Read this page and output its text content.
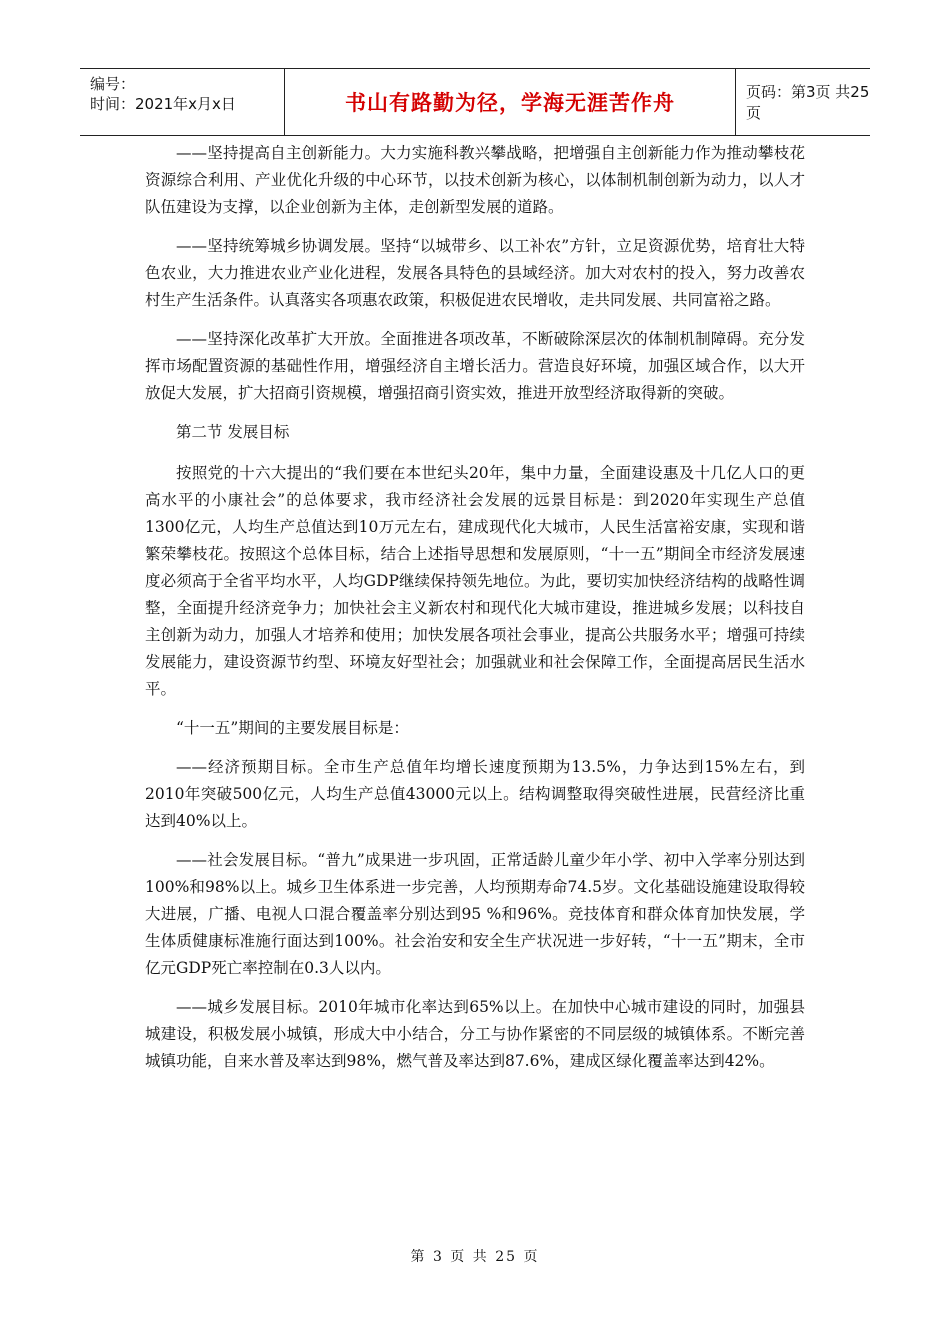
编号：
时间：2021年x月x日	书山有路勤为径，学海无涯苦作舟	页码：第3页 共25页

——坚持提高自主创新能力。大力实施科教兴攀战略，把增强自主创新能力作为推动攀枝花资源综合利用、产业优化升级的中心环节，以技术创新为核心，以体制机制创新为动力，以人才队伍建设为支撑，以企业创新为主体，走创新型发展的道路。

——坚持统筹城乡协调发展。坚持“以城带乡、以工补农”方针，立足资源优势，培育壮大特色农业，大力推进农业产业化进程，发展各具特色的县域经济。加大对农村的投入，努力改善农村生产生活条件。认真落实各项惠农政策，积极促进农民增收，走共同发展、共同富裕之路。

——坚持深化改革扩大开放。全面推进各项改革，不断破除深层次的体制机制障碍。充分发挥市场配置资源的基础性作用，增强经济自主增长活力。营造良好环境，加强区域合作，以大开放促大发展，扩大招商引资规模，增强招商引资实效，推进开放型经济取得新的突破。

第二节 发展目标

按照党的十六大提出的“我们要在本世纪头20年，集中力量，全面建设惠及十几亿人口的更高水平的小康社会”的总体要求，我市经济社会发展的远景目标是：到2020年实现生产总值1300亿元，人均生产总值达到10万元左右，建成现代化大城市，人民生活富裕安康，实现和谐繁荣攀枝花。按照这个总体目标，结合上述指导思想和发展原则，“十一五”期间全市经济发展速度必须高于全省平均水平，人均GDP继续保持领先地位。为此，要切实加快经济结构的战略性调整，全面提升经济竞争力；加快社会主义新农村和现代化大城市建设，推进城乡发展；以科技自主创新为动力，加强人才培养和使用；加快发展各项社会事业，提高公共服务水平；增强可持续发展能力，建设资源节约型、环境友好型社会；加强就业和社会保障工作，全面提高居民生活水平。

“十一五”期间的主要发展目标是：

——经济预期目标。全市生产总值年均增长速度预期为13.5%，力争达到15%左右，到2010年突破500亿元，人均生产总值43000元以上。结构调整取得突破性进展，民营经济比重达到40%以上。

——社会发展目标。“普九”成果进一步巩固，正常适龄儿童少年小学、初中入学率分别达到100%和98%以上。城乡卫生体系进一步完善，人均预期寿命74.5岁。文化基础设施建设取得较大进展，广播、电视人口混合覆盖率分别达到95 %和96%。竞技体育和群众体育加快发展，学生体质健康标准施行面达到100%。社会治安和安全生产状况进一步好转，“十一五”期末，全市亿元GDP死亡率控制在0.3人以内。

——城乡发展目标。2010年城市化率达到65%以上。在加快中心城市建设的同时，加强县城建设，积极发展小城镇，形成大中小结合，分工与协作紧密的不同层级的城镇体系。不断完善城镇功能，自来水普及率达到98%，燃气普及率达到87.6%，建成区绿化覆盖率达到42%。

第 3 页 共 25 页
